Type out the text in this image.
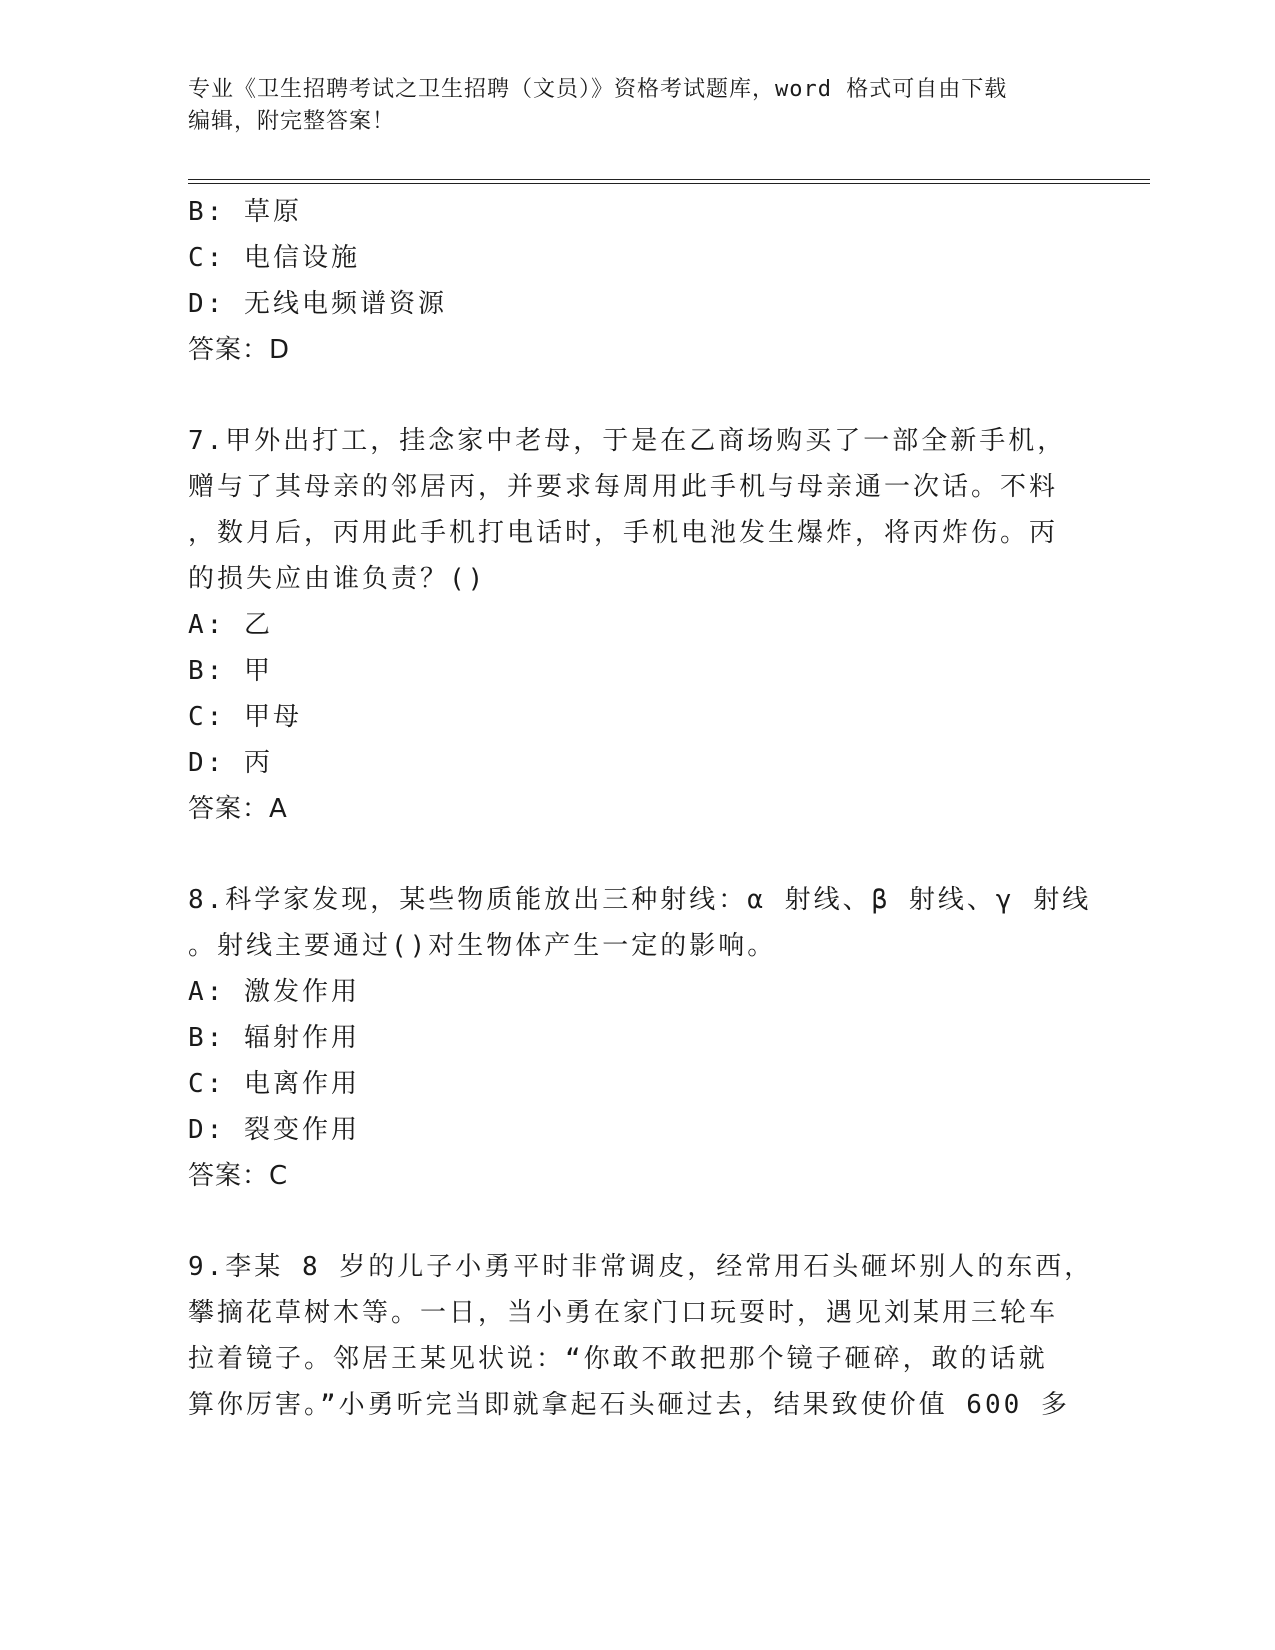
专业《卫生招聘考试之卫生招聘（文员）》资格考试题库，word 格式可自由下载
编辑，附完整答案！
B: 草原
C: 电信设施
D: 无线电频谱资源
答案：D
7.甲外出打工，挂念家中老母，于是在乙商场购买了一部全新手机，
赠与了其母亲的邻居丙，并要求每周用此手机与母亲通一次话。不料
，数月后，丙用此手机打电话时，手机电池发生爆炸，将丙炸伤。丙
的损失应由谁负责？()
A: 乙
B: 甲
C: 甲母
D: 丙
答案：A
8.科学家发现，某些物质能放出三种射线：α 射线、β 射线、γ 射线
。射线主要通过()对生物体产生一定的影响。
A: 激发作用
B: 辐射作用
C: 电离作用
D: 裂变作用
答案：C
9.李某 8 岁的儿子小勇平时非常调皮，经常用石头砸坏别人的东西，
攀摘花草树木等。一日，当小勇在家门口玩耍时，遇见刘某用三轮车
拉着镜子。邻居王某见状说：“你敢不敢把那个镜子砸碎，敢的话就
算你厉害。”小勇听完当即就拿起石头砸过去，结果致使价值 600 多
